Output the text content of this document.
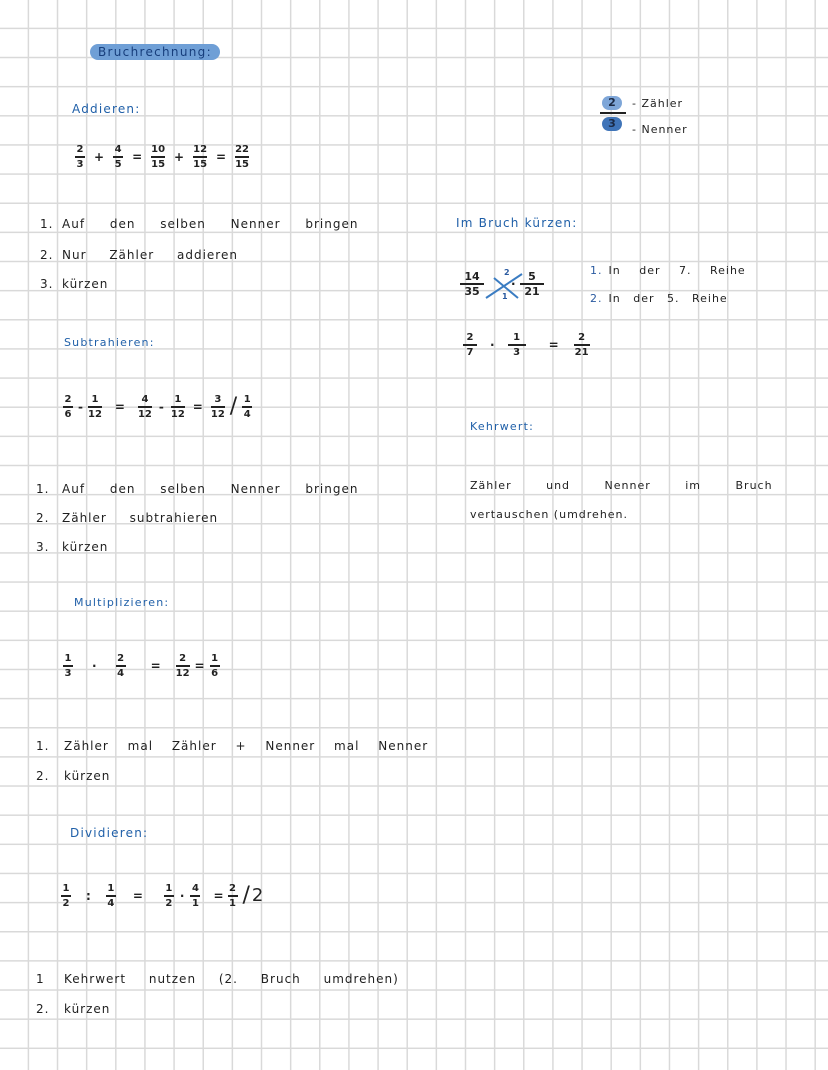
Bruchrechnung:
2
3
- Zähler
- Nenner
Addieren:
$\frac{2}{3} + \frac{4}{5} = \frac{10}{15} + \frac{12}{15} = \frac{22}{15}$
1. Auf den selben Nenner bringen
2. Nur Zähler addieren
3. kürzen
Subtrahieren:
$\frac{2}{6} - \frac{1}{12} = \frac{4}{12} - \frac{1}{12} = \frac{3}{12} / \frac{1}{4}$
1. Auf den selben Nenner bringen
2. Zähler subtrahieren
3. kürzen
Multiplizieren:
$\frac{1}{3} \cdot \frac{2}{4} = \frac{2}{12} = \frac{1}{6}$
1. Zähler mal Zähler + Nenner mal Nenner
2. kürzen
Dividieren:
$\frac{1}{2}$ : $\frac{1}{4} = \frac{1}{2} \cdot \frac{4}{1} = \frac{2}{1} / 2$
1 Kehrwert nutzen (2. Bruch umdrehen)
2. kürzen
Im Bruch kürzen:
14
35
2
1
·
5
21
1. In der 7. Reihe
2. In der 5. Reihe
$\frac{2}{7} \cdot \frac{1}{3} = \frac{2}{21}$
Kehrwert:
Zähler und Nenner im Bruch
vertauschen (umdrehen.
